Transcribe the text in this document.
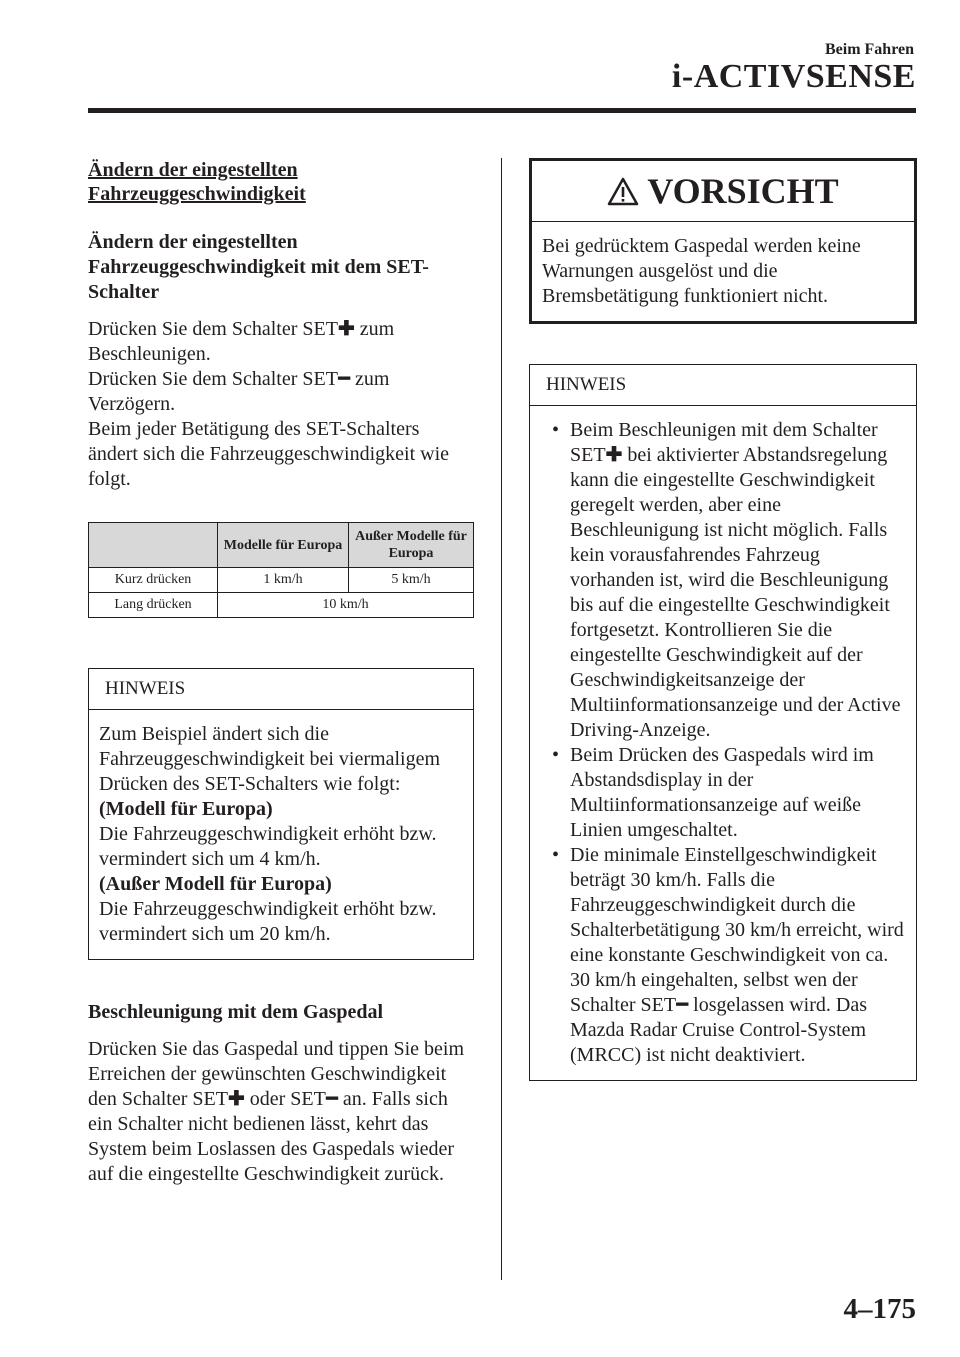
Beim Fahren
i-ACTIVSENSE
Ändern der eingestellten
Fahrzeuggeschwindigkeit
Ändern der eingestellten Fahrzeuggeschwindigkeit mit dem SET-Schalter

Drücken Sie dem Schalter SET✚ zum Beschleunigen.

Drücken Sie dem Schalter SET━ zum Verzögern.

Beim jeder Betätigung des SET-Schalters ändert sich die Fahrzeuggeschwindigkeit wie folgt.

	Modelle für Europa	Außer Modelle für Europa
Kurz drücken	1 km/h	5 km/h
Lang drücken	10 km/h	
HINWEIS
Zum Beispiel ändert sich die Fahrzeuggeschwindigkeit bei viermaligem Drücken des SET-Schalters wie folgt:
(Modell für Europa)
Die Fahrzeuggeschwindigkeit erhöht bzw. vermindert sich um 4 km/h.
(Außer Modell für Europa)
Die Fahrzeuggeschwindigkeit erhöht bzw. vermindert sich um 20 km/h.
Beschleunigung mit dem Gaspedal

Drücken Sie das Gaspedal und tippen Sie beim Erreichen der gewünschten Geschwindigkeit den Schalter SET✚ oder SET━ an. Falls sich ein Schalter nicht bedienen lässt, kehrt das System beim Loslassen des Gaspedals wieder auf die eingestellte Geschwindigkeit zurück.

VORSICHT
Bei gedrücktem Gaspedal werden keine Warnungen ausgelöst und die Bremsbetätigung funktioniert nicht.
HINWEIS
• Beim Beschleunigen mit dem Schalter SET✚ bei aktivierter Abstandsregelung kann die eingestellte Geschwindigkeit geregelt werden, aber eine Beschleunigung ist nicht möglich. Falls kein vorausfahrendes Fahrzeug vorhanden ist, wird die Beschleunigung bis auf die eingestellte Geschwindigkeit fortgesetzt. Kontrollieren Sie die eingestellte Geschwindigkeit auf der Geschwindigkeitsanzeige der Multiinformationsanzeige und der Active Driving-Anzeige.
• Beim Drücken des Gaspedals wird im Abstandsdisplay in der Multiinformationsanzeige auf weiße Linien umgeschaltet.
• Die minimale Einstellgeschwindigkeit beträgt 30 km/h. Falls die Fahrzeuggeschwindigkeit durch die Schalterbetätigung 30 km/h erreicht, wird eine konstante Geschwindigkeit von ca. 30 km/h eingehalten, selbst wen der Schalter SET━ losgelassen wird. Das Mazda Radar Cruise Control-System (MRCC) ist nicht deaktiviert.
4–175
